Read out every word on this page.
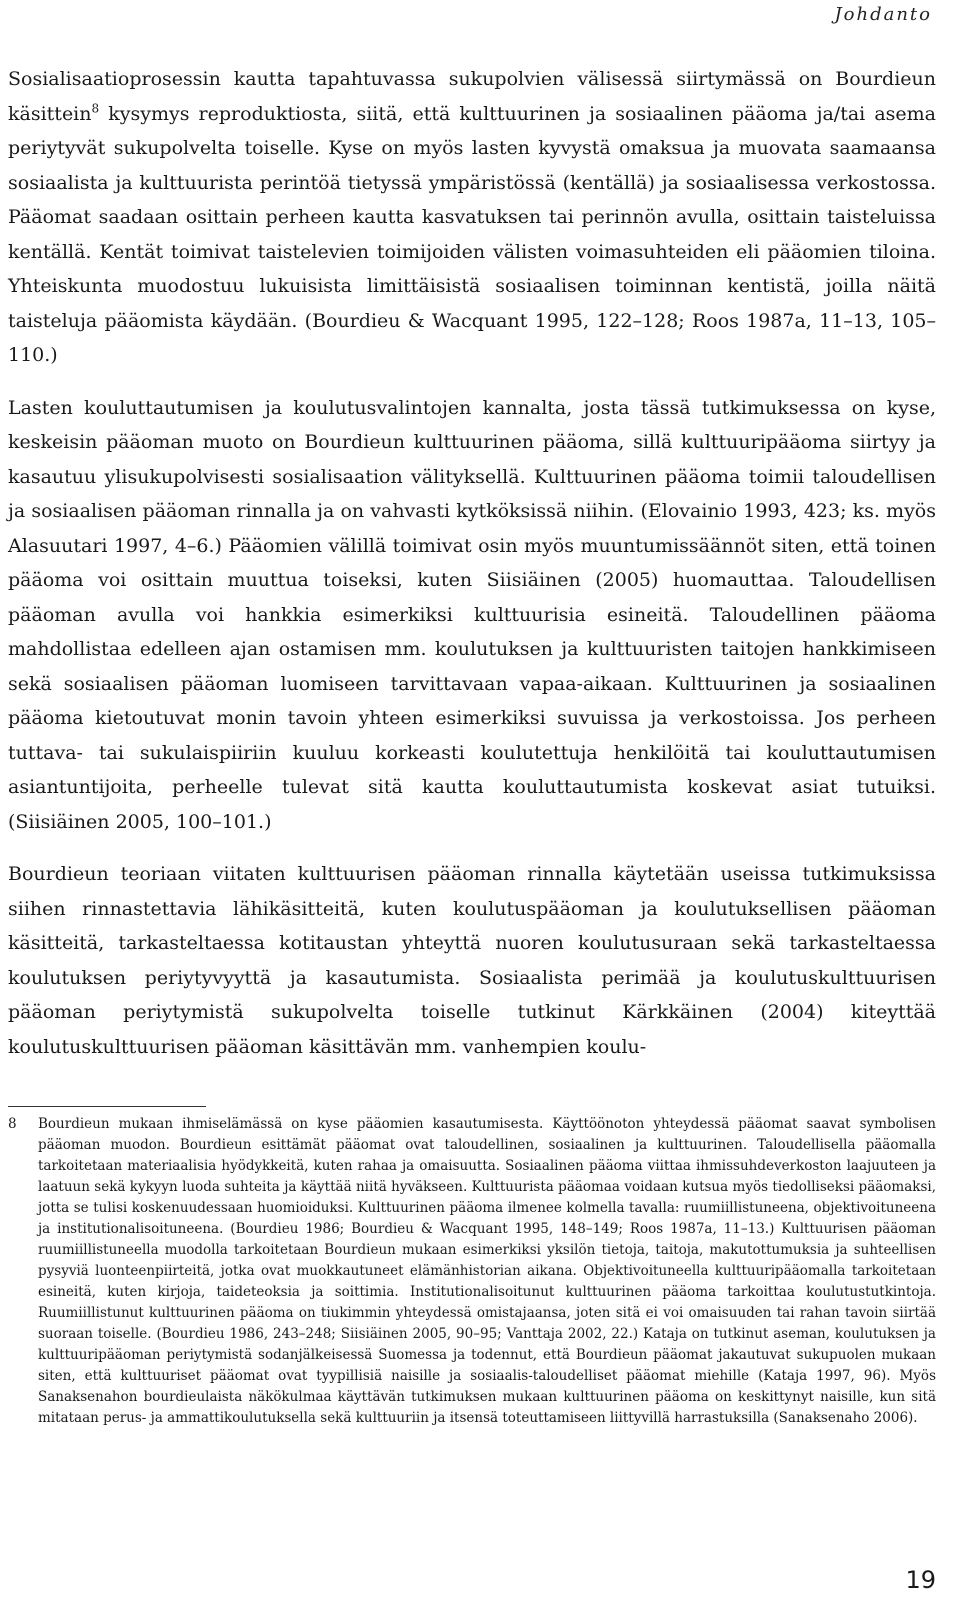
Johdanto

Sosialisaatioprosessin kautta tapahtuvassa sukupolvien välisessä siirtymässä on Bourdieun käsittein$^8$ kysymys reproduktiosta, siitä, että kulttuurinen ja sosiaalinen pääoma ja/tai asema periytyvät sukupolvelta toiselle. Kyse on myös lasten kyvystä omaksua ja muovata saamaansa sosiaalista ja kulttuurista perintöä tietyssä ympäristössä (kentällä) ja sosiaalisessa verkostossa. Pääomat saadaan osittain perheen kautta kasvatuksen tai perinnön avulla, osittain taisteluissa kentällä. Kentät toimivat taistelevien toimijoiden välisten voimasuhteiden eli pääomien tiloina. Yhteiskunta muodostuu lukuisista limittäisistä sosiaalisen toiminnan kentistä, joilla näitä taisteluja pääomista käydään. (Bourdieu & Wacquant 1995, 122–128; Roos 1987a, 11–13, 105–110.)

Lasten kouluttautumisen ja koulutusvalintojen kannalta, josta tässä tutkimuksessa on kyse, keskeisin pääoman muoto on Bourdieun kulttuurinen pääoma, sillä kulttuuripääoma siirtyy ja kasautuu ylisukupolvisesti sosialisaation välityksellä. Kulttuurinen pääoma toimii taloudellisen ja sosiaalisen pääoman rinnalla ja on vahvasti kytköksissä niihin. (Elovainio 1993, 423; ks. myös Alasuutari 1997, 4–6.) Pääomien välillä toimivat osin myös muuntumissäännöt siten, että toinen pääoma voi osittain muuttua toiseksi, kuten Siisiäinen (2005) huomauttaa. Taloudellisen pääoman avulla voi hankkia esimerkiksi kulttuurisia esineitä. Taloudellinen pääoma mahdollistaa edelleen ajan ostamisen mm. koulutuksen ja kulttuuristen taitojen hankkimiseen sekä sosiaalisen pääoman luomiseen tarvittavaan vapaa-aikaan. Kulttuurinen ja sosiaalinen pääoma kietoutuvat monin tavoin yhteen esimerkiksi suvuissa ja verkostoissa. Jos perheen tuttava- tai sukulaispiiriin kuuluu korkeasti koulutettuja henkilöitä tai kouluttautumisen asiantuntijoita, perheelle tulevat sitä kautta kouluttautumista koskevat asiat tutuiksi. (Siisiäinen 2005, 100–101.)

Bourdieun teoriaan viitaten kulttuurisen pääoman rinnalla käytetään useissa tutkimuksissa siihen rinnastettavia lähikäsitteitä, kuten koulutuspääoman ja koulutuksellisen pääoman käsitteitä, tarkasteltaessa kotitaustan yhteyttä nuoren koulutusuraan sekä tarkasteltaessa koulutuksen periytyvyyttä ja kasautumista. Sosiaalista perimää ja koulutuskulttuurisen pääoman periytymistä sukupolvelta toiselle tutkinut Kärkkäinen (2004) kiteyttää koulutuskulttuurisen pääoman käsittävän mm. vanhempien koulu-

8	Bourdieun mukaan ihmiselämässä on kyse pääomien kasautumisesta. Käyttöönoton yhteydessä pääomat saavat symbolisen pääoman muodon. Bourdieun esittämät pääomat ovat taloudellinen, sosiaalinen ja kulttuurinen. Taloudellisella pääomalla tarkoitetaan materiaalisia hyödykkeitä, kuten rahaa ja omaisuutta. Sosiaalinen pääoma viittaa ihmissuhdeverkoston laajuuteen ja laatuun sekä kykyyn luoda suhteita ja käyttää niitä hyväkseen. Kulttuurista pääomaa voidaan kutsua myös tiedolliseksi pääomaksi, jotta se tulisi koskenuudessaan huomioiduksi. Kulttuurinen pääoma ilmenee kolmella tavalla: ruumiillistuneena, objektivoituneena ja institutionalisoituneena. (Bourdieu 1986; Bourdieu & Wacquant 1995, 148–149; Roos 1987a, 11–13.) Kulttuurisen pääoman ruumiillistuneella muodolla tarkoitetaan Bourdieun mukaan esimerkiksi yksilön tietoja, taitoja, makutottumuksia ja suhteellisen pysyviä luonteenpiirteitä, jotka ovat muokkautuneet elämänhistorian aikana. Objektivoituneella kulttuuripääomalla tarkoitetaan esineitä, kuten kirjoja, taideteoksia ja soittimia. Institutionalisoitunut kulttuurinen pääoma tarkoittaa koulutustutkintoja. Ruumiillistunut kulttuurinen pääoma on tiukimmin yhteydessä omistajaansa, joten sitä ei voi omaisuuden tai rahan tavoin siirtää suoraan toiselle. (Bourdieu 1986, 243–248; Siisiäinen 2005, 90–95; Vanttaja 2002, 22.) Kataja on tutkinut aseman, koulutuksen ja kulttuuripääoman periytymistä sodanjälkeisessä Suomessa ja todennut, että Bourdieun pääomat jakautuvat sukupuolen mukaan siten, että kulttuuriset pääomat ovat tyypillisiä naisille ja sosiaalis-taloudelliset pääomat miehille (Kataja 1997, 96). Myös Sanaksenahon bourdieulaista näkökulmaa käyttävän tutkimuksen mukaan kulttuurinen pääoma on keskittynyt naisille, kun sitä mitataan perus- ja ammattikoulutuksella sekä kulttuuriin ja itsensä toteuttamiseen liittyvillä harrastuksilla (Sanaksenaho 2006).
19
